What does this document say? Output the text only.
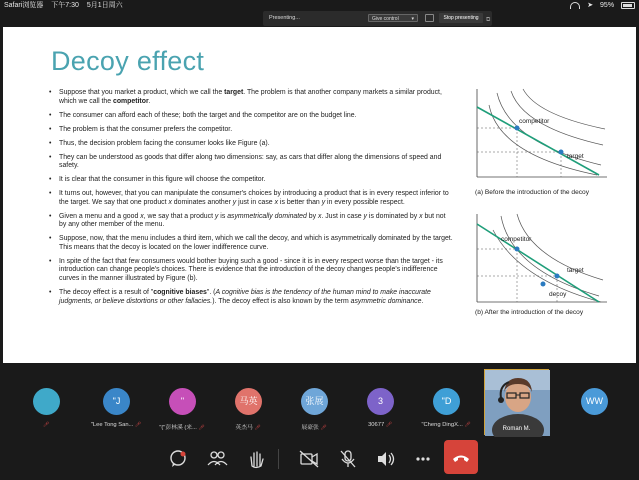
Safari浏览器 下午7:30 5月1日周六	➤ 95%
Presenting...	Give control	▾	Stop presenting	⧉
Decoy effect
• Suppose that you market a product, which we call the target. The problem is that another company markets a similar product, which we call the competitor.
• The consumer can afford each of these; both the target and the competitor are on the budget line.
• The problem is that the consumer prefers the competitor.
• Thus, the decision problem facing the consumer looks like Figure (a).
• They can be understood as goods that differ along two dimensions: say, as cars that differ along the dimensions of speed and safety.
• It is clear that the consumer in this figure will choose the competitor.
• It turns out, however, that you can manipulate the consumer's choices by introducing a product that is in every respect inferior to the target. We say that one product x dominates another y just in case x is better than y in every possible respect.
• Given a menu and a good x, we say that a product y is asymmetrically dominated by x. Just in case y is dominated by x but not by any other member of the menu.
• Suppose, now, that the menu includes a third item, which we call the decoy, and which is asymmetrically dominated by the target. This means that the decoy is located on the lower indifference curve.
• In spite of the fact that few consumers would bother buying such a good - since it is in every respect worse than the target - its introduction can change people's choices. There is evidence that the introduction of the decoy changes people's indifference curves in the manner illustrated by Figure (b).
• The decoy effect is a result of "cognitive biases". (A cognitive bias is the tendency of the human mind to make inaccurate judgments, or believe distortions or other fallacies.). The decoy effect is also known by the term asymmetric dominance.
competitor
target
(a) Before the introduction of the decoy
competitor
target
decoy
(b) After the introduction of the decoy
Roman M.
🎤︎
"J
"Lee Tong San... 🎤︎
"
"("彭林溪 (来... 🎤︎
马英
英杰马 🎤︎
张展
展豪张 🎤︎
3
30677 🎤︎
"D
"Cheng DingX... 🎤︎
WW
